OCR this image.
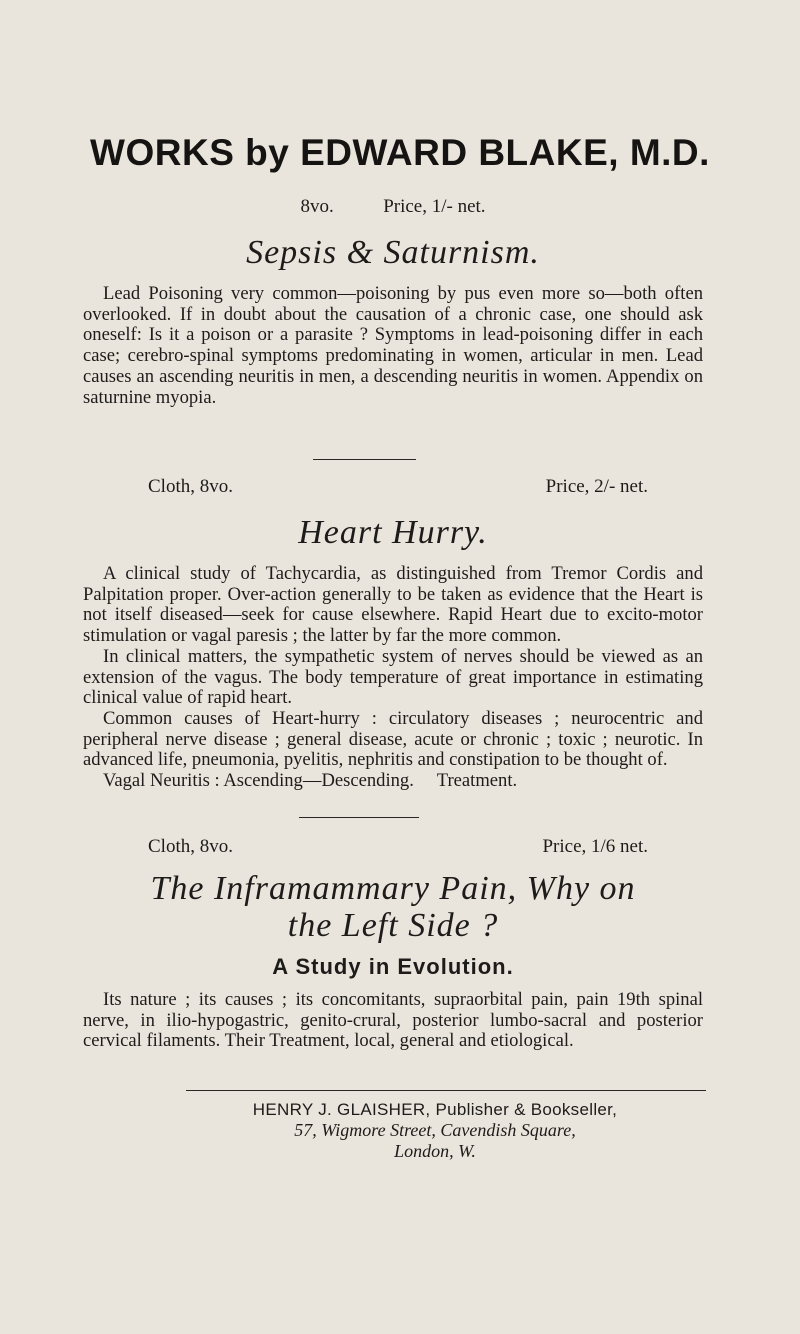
WORKS by EDWARD BLAKE, M.D.
8vo.	Price, 1/- net.
Sepsis & Saturnism.

Lead Poisoning very common—poisoning by pus even more so—both often overlooked. If in doubt about the causation of a chronic case, one should ask oneself: Is it a poison or a parasite ? Symptoms in lead-poisoning differ in each case; cerebro-spinal symptoms predominating in women, articular in men. Lead causes an ascending neuritis in men, a descending neuritis in women. Appendix on saturnine myopia.

Cloth, 8vo.	Price, 2/- net.
Heart Hurry.

A clinical study of Tachycardia, as distinguished from Tremor Cordis and Palpitation proper. Over-action generally to be taken as evidence that the Heart is not itself diseased—seek for cause elsewhere. Rapid Heart due to excito-motor stimulation or vagal paresis ; the latter by far the more common.

In clinical matters, the sympathetic system of nerves should be viewed as an extension of the vagus. The body temperature of great importance in estimating clinical value of rapid heart.

Common causes of Heart-hurry : circulatory diseases ; neurocentric and peripheral nerve disease ; general disease, acute or chronic ; toxic ; neurotic. In advanced life, pneumonia, pyelitis, nephritis and constipation to be thought of.

Vagal Neuritis : Ascending—Descending.     Treatment.

Cloth, 8vo.	Price, 1/6 net.
The Inframammary Pain, Why on
the Left Side ?
A Study in Evolution.

Its nature ; its causes ; its concomitants, supraorbital pain, pain 19th spinal nerve, in ilio-hypogastric, genito-crural, posterior lumbo-sacral and posterior cervical filaments. Their Treatment, local, general and etiological.

HENRY J. GLAISHER, Publisher & Bookseller,
57, Wigmore Street, Cavendish Square,
London, W.
